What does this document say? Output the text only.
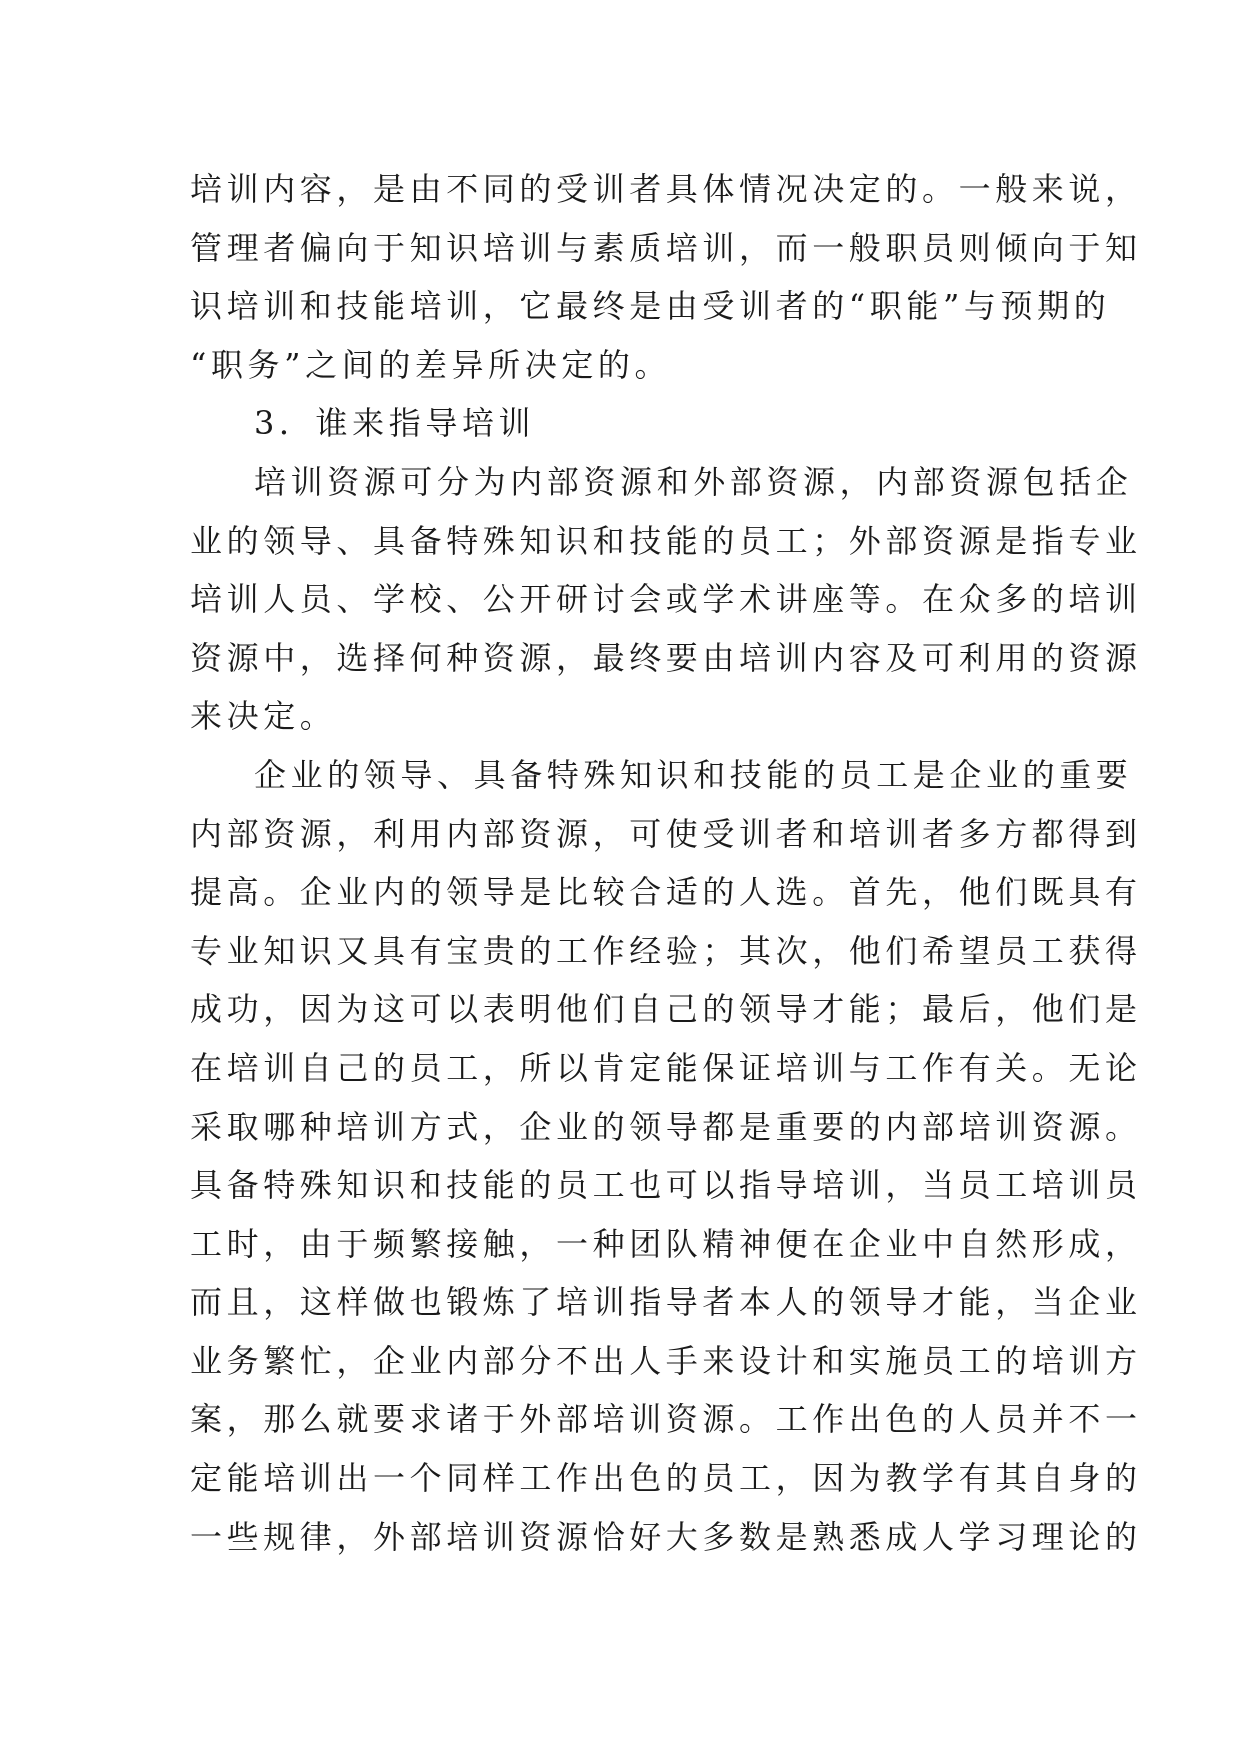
培训内容，是由不同的受训者具体情况决定的。一般来说，
管理者偏向于知识培训与素质培训，而一般职员则倾向于知
识培训和技能培训，它最终是由受训者的“职能”与预期的
“职务”之间的差异所决定的。
3．谁来指导培训
培训资源可分为内部资源和外部资源，内部资源包括企
业的领导、具备特殊知识和技能的员工；外部资源是指专业
培训人员、学校、公开研讨会或学术讲座等。在众多的培训
资源中，选择何种资源，最终要由培训内容及可利用的资源
来决定。
企业的领导、具备特殊知识和技能的员工是企业的重要
内部资源，利用内部资源，可使受训者和培训者多方都得到
提高。企业内的领导是比较合适的人选。首先，他们既具有
专业知识又具有宝贵的工作经验；其次，他们希望员工获得
成功，因为这可以表明他们自己的领导才能；最后，他们是
在培训自己的员工，所以肯定能保证培训与工作有关。无论
采取哪种培训方式，企业的领导都是重要的内部培训资源。
具备特殊知识和技能的员工也可以指导培训，当员工培训员
工时，由于频繁接触，一种团队精神便在企业中自然形成，
而且，这样做也锻炼了培训指导者本人的领导才能，当企业
业务繁忙，企业内部分不出人手来设计和实施员工的培训方
案，那么就要求诸于外部培训资源。工作出色的人员并不一
定能培训出一个同样工作出色的员工，因为教学有其自身的
一些规律，外部培训资源恰好大多数是熟悉成人学习理论的
